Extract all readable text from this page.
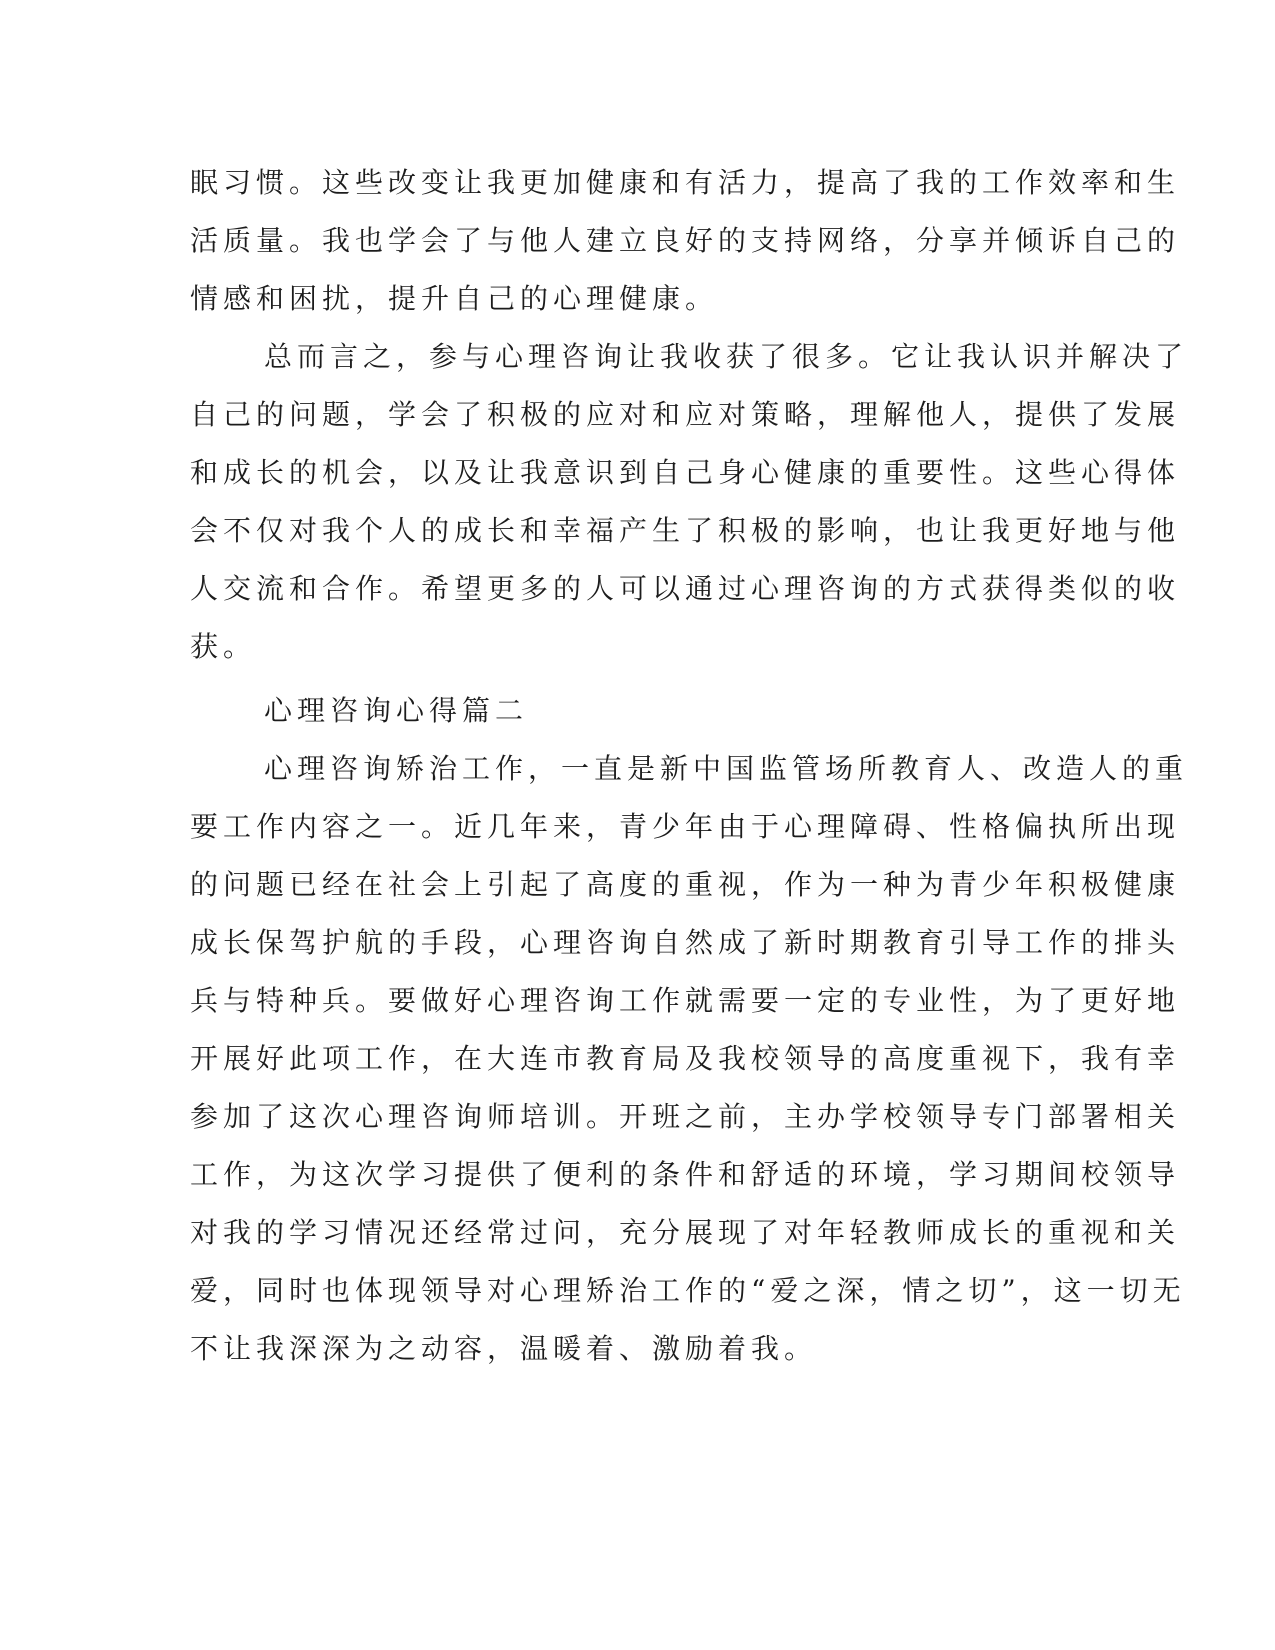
眠习惯。这些改变让我更加健康和有活力，提高了我的工作效率和生

活质量。我也学会了与他人建立良好的支持网络，分享并倾诉自己的

情感和困扰，提升自己的心理健康。

总而言之，参与心理咨询让我收获了很多。它让我认识并解决了

自己的问题，学会了积极的应对和应对策略，理解他人，提供了发展

和成长的机会，以及让我意识到自己身心健康的重要性。这些心得体

会不仅对我个人的成长和幸福产生了积极的影响，也让我更好地与他

人交流和合作。希望更多的人可以通过心理咨询的方式获得类似的收

获。

心理咨询心得篇二

心理咨询矫治工作，一直是新中国监管场所教育人、改造人的重

要工作内容之一。近几年来，青少年由于心理障碍、性格偏执所出现

的问题已经在社会上引起了高度的重视，作为一种为青少年积极健康

成长保驾护航的手段，心理咨询自然成了新时期教育引导工作的排头

兵与特种兵。要做好心理咨询工作就需要一定的专业性，为了更好地

开展好此项工作，在大连市教育局及我校领导的高度重视下，我有幸

参加了这次心理咨询师培训。开班之前，主办学校领导专门部署相关

工作，为这次学习提供了便利的条件和舒适的环境，学习期间校领导

对我的学习情况还经常过问，充分展现了对年轻教师成长的重视和关

爱，同时也体现领导对心理矫治工作的“爱之深，情之切”，这一切无

不让我深深为之动容，温暖着、激励着我。
